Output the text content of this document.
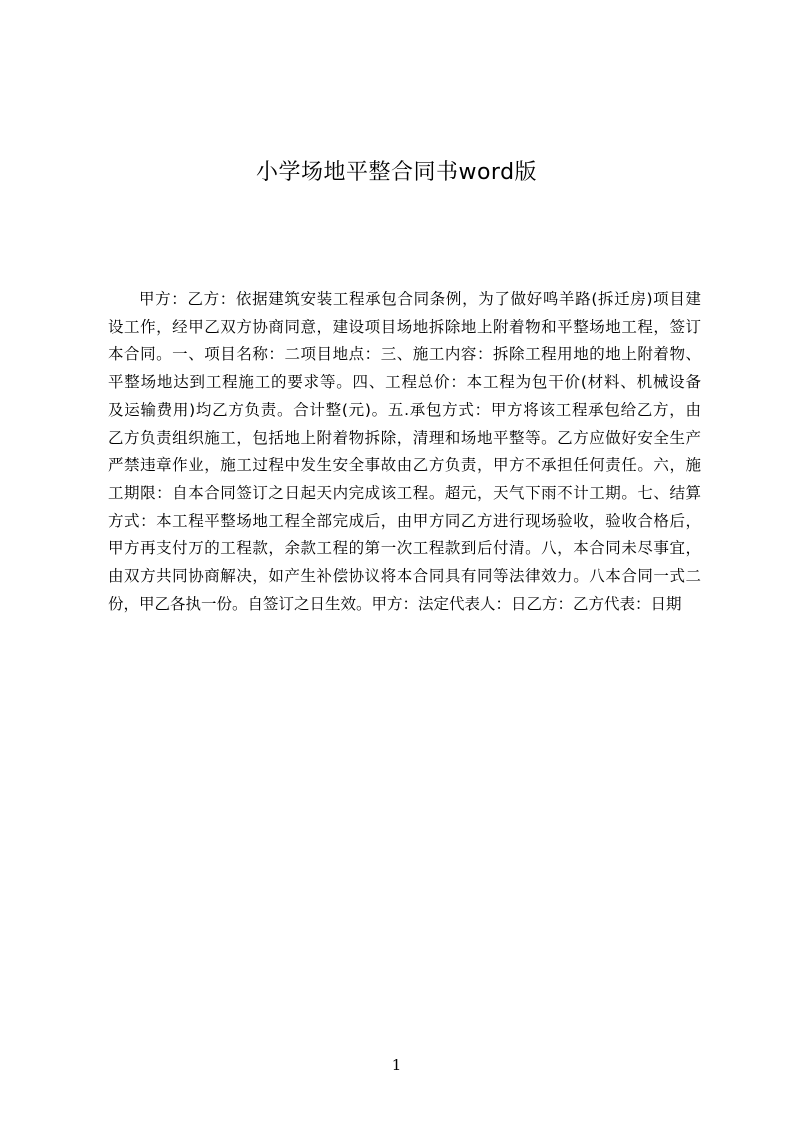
小学场地平整合同书word版
甲方：乙方：依据建筑安装工程承包合同条例，为了做好鸣羊路(拆迁房)项目建
设工作，经甲乙双方协商同意，建设项目场地拆除地上附着物和平整场地工程，签订
本合同。一、项目名称：二项目地点：三、施工内容：拆除工程用地的地上附着物、
平整场地达到工程施工的要求等。四、工程总价：本工程为包干价(材料、机械设备
及运输费用)均乙方负责。合计整(元)。五.承包方式：甲方将该工程承包给乙方，由
乙方负责组织施工，包括地上附着物拆除，清理和场地平整等。乙方应做好安全生产
严禁违章作业，施工过程中发生安全事故由乙方负责，甲方不承担任何责任。六，施
工期限：自本合同签订之日起天内完成该工程。超元，天气下雨不计工期。七、结算
方式：本工程平整场地工程全部完成后，由甲方同乙方进行现场验收，验收合格后，
甲方再支付万的工程款，余款工程的第一次工程款到后付清。八，本合同未尽事宜，
由双方共同协商解决，如产生补偿协议将本合同具有同等法律效力。八本合同一式二
份，甲乙各执一份。自签订之日生效。甲方：法定代表人：日乙方：乙方代表：日期
1
